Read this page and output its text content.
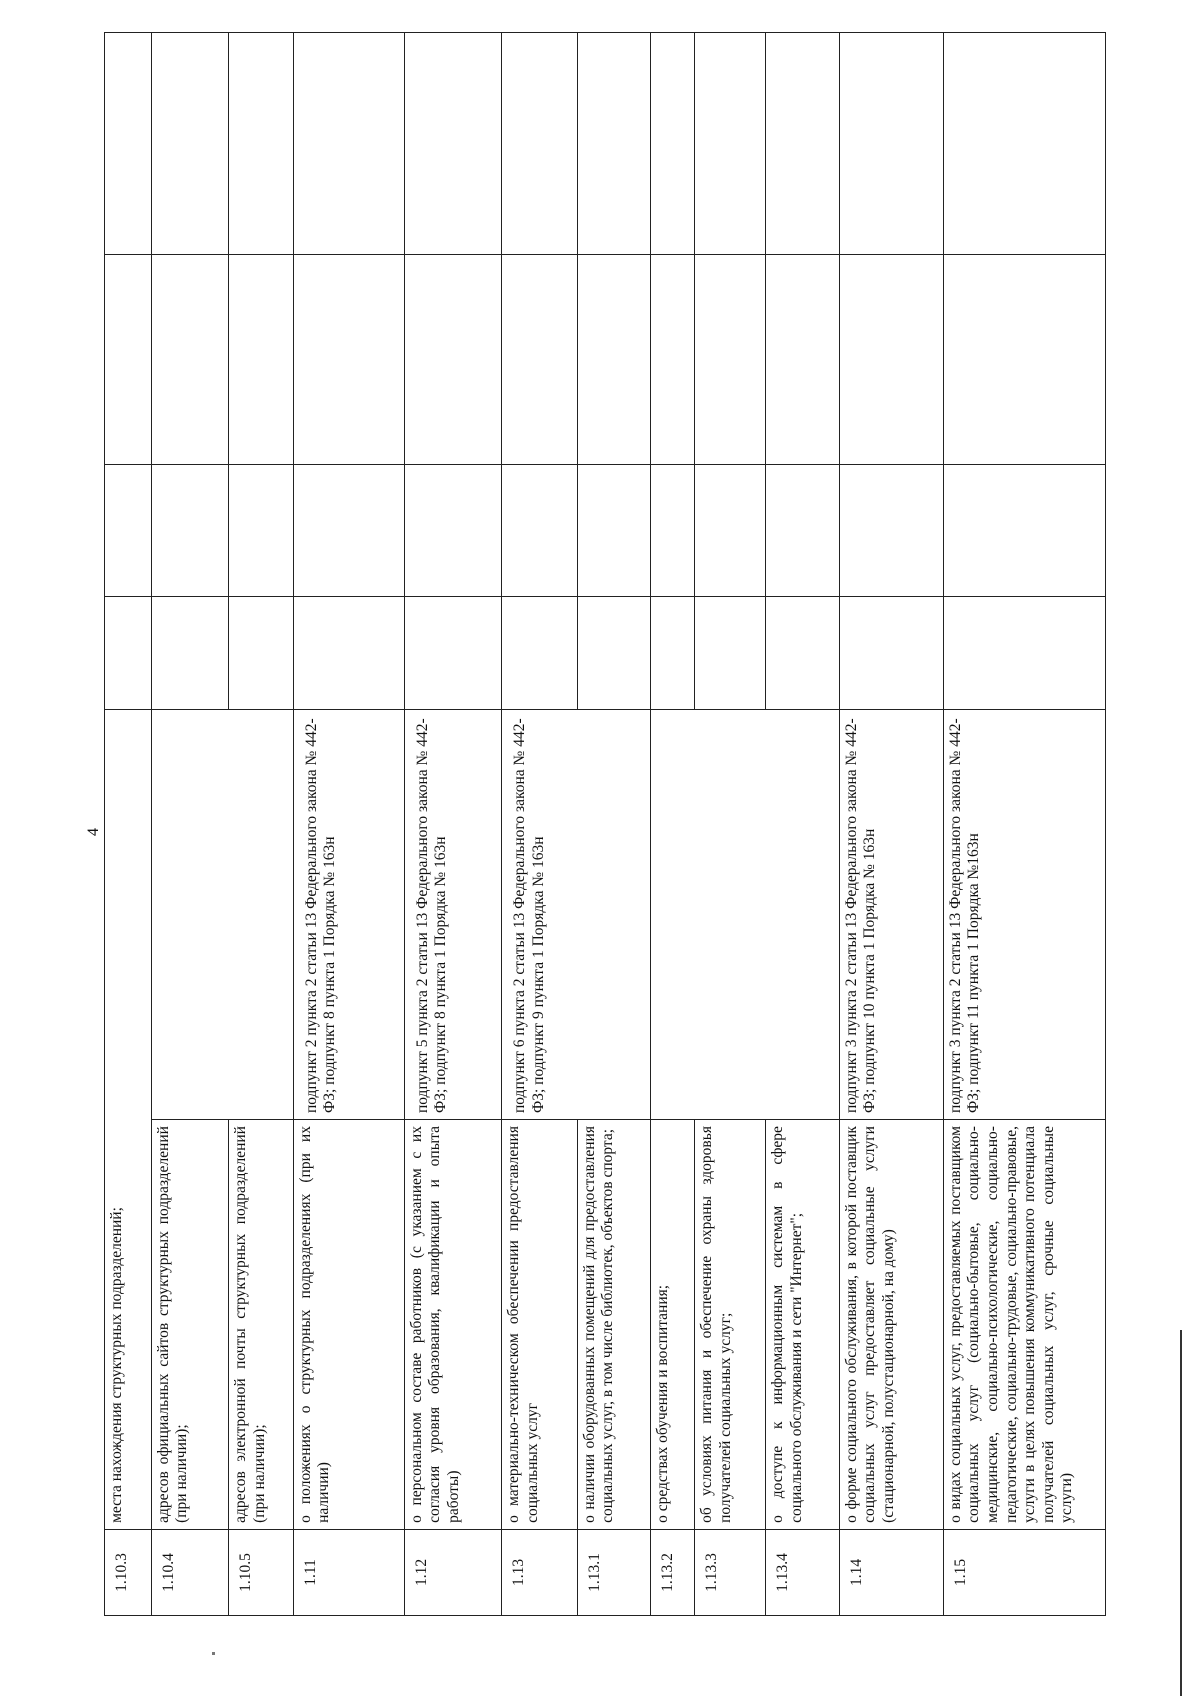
4
1.10.3	места нахождения структурных подразделений;					
1.10.4	адресов официальных сайтов структурных подразделений (при наличии);					
1.10.5	адресов электронной почты структурных подразделений (при наличии);					
1.11	о положениях о структурных подразделениях (при их наличии)	подпункт 2 пункта 2 статьи 13 Федерального закона № 442-ФЗ; подпункт 8 пункта 1 Порядка № 163н				

1.12	о персональном составе работников (с указанием с их согласия уровня образования, квалификации и опыта работы)	подпункт 5 пункта 2 статьи 13 Федерального закона № 442-ФЗ; подпункт 8 пункта 1 Порядка № 163н				

1.13	о материально-техническом обеспечении предоставления социальных услуг	подпункт 6 пункта 2 статьи 13 Федерального закона № 442-ФЗ; подпункт 9 пункта 1 Порядка № 163н				

1.13.1	о наличии оборудованных помещений для предоставления социальных услуг, в том числе библиотек, объектов спорта;					
1.13.2	о средствах обучения и воспитания;					
1.13.3	об условиях питания и обеспечение охраны здоровья получателей социальных услуг;					
1.13.4	о доступе к информационным системам в сфере социального обслуживания и сети "Интернет";					
1.14	о форме социального обслуживания, в которой поставщик социальных услуг предоставляет социальные услуги (стационарной, полустационарной, на дому)	подпункт 3 пункта 2 статьи 13 Федерального закона № 442-ФЗ; подпункт 10 пункта 1 Порядка № 163н				
1.15	о видах социальных услуг, предоставляемых поставщиком социальных услуг (социально-бытовые, социально-медицинские, социально-психологические, социально-педагогические, социально-трудовые, социально-правовые, услуги в целях повышения коммуникативного потенциала получателей социальных услуг, срочные социальные услуги)	подпункт 3 пункта 2 статьи 13 Федерального закона № 442-ФЗ; подпункт 11 пункта 1 Порядка №163н				
